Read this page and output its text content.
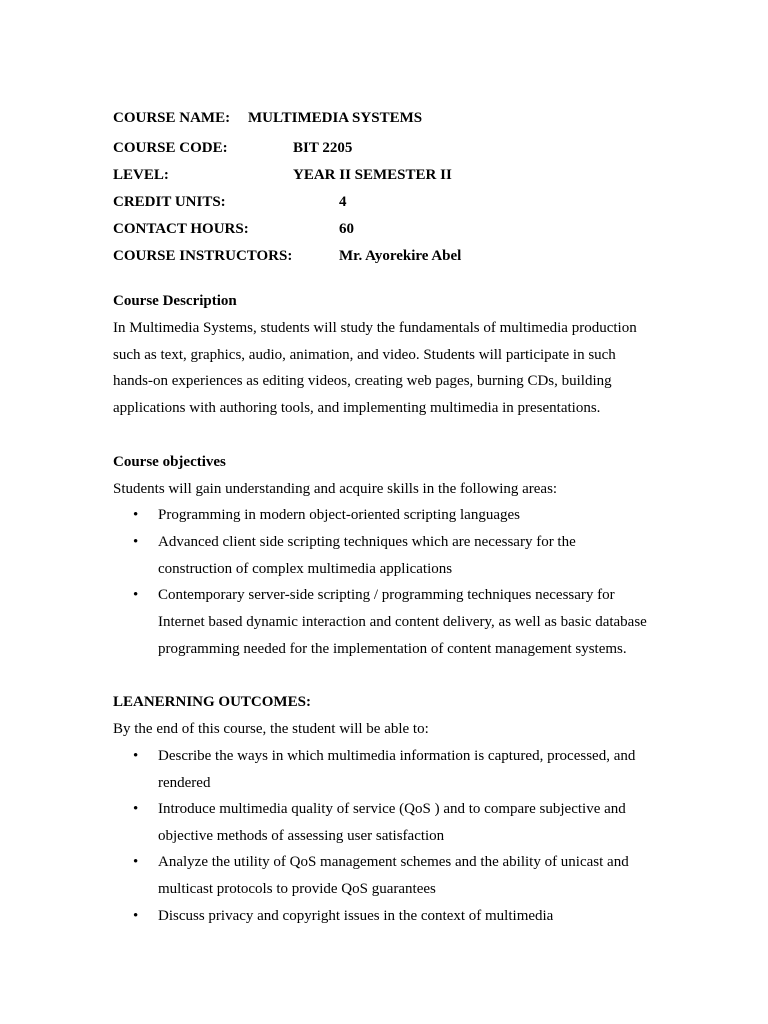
COURSE NAME: MULTIMEDIA SYSTEMS
COURSE CODE:	BIT 2205
LEVEL:	YEAR II SEMESTER II
CREDIT UNITS:	4
CONTACT HOURS:	60
COURSE INSTRUCTORS:	Mr. Ayorekire Abel
Course Description
In Multimedia Systems, students will study the fundamentals of multimedia production
such as text, graphics, audio, animation, and video. Students will participate in such
hands-on experiences as editing videos, creating web pages, burning CDs, building
applications with authoring tools, and implementing multimedia in presentations.
Course objectives
Students will gain understanding and acquire skills in the following areas:
• Programming in modern object-oriented scripting languages
• Advanced client side scripting techniques which are necessary for the
construction of complex multimedia applications
• Contemporary server-side scripting / programming techniques necessary for
Internet based dynamic interaction and content delivery, as well as basic database
programming needed for the implementation of content management systems.
LEANERNING OUTCOMES:
By the end of this course, the student will be able to:
• Describe the ways in which multimedia information is captured, processed, and
rendered
• Introduce multimedia quality of service (QoS ) and to compare subjective and
objective methods of assessing user satisfaction
• Analyze the utility of QoS management schemes and the ability of unicast and
multicast protocols to provide QoS guarantees
• Discuss privacy and copyright issues in the context of multimedia
